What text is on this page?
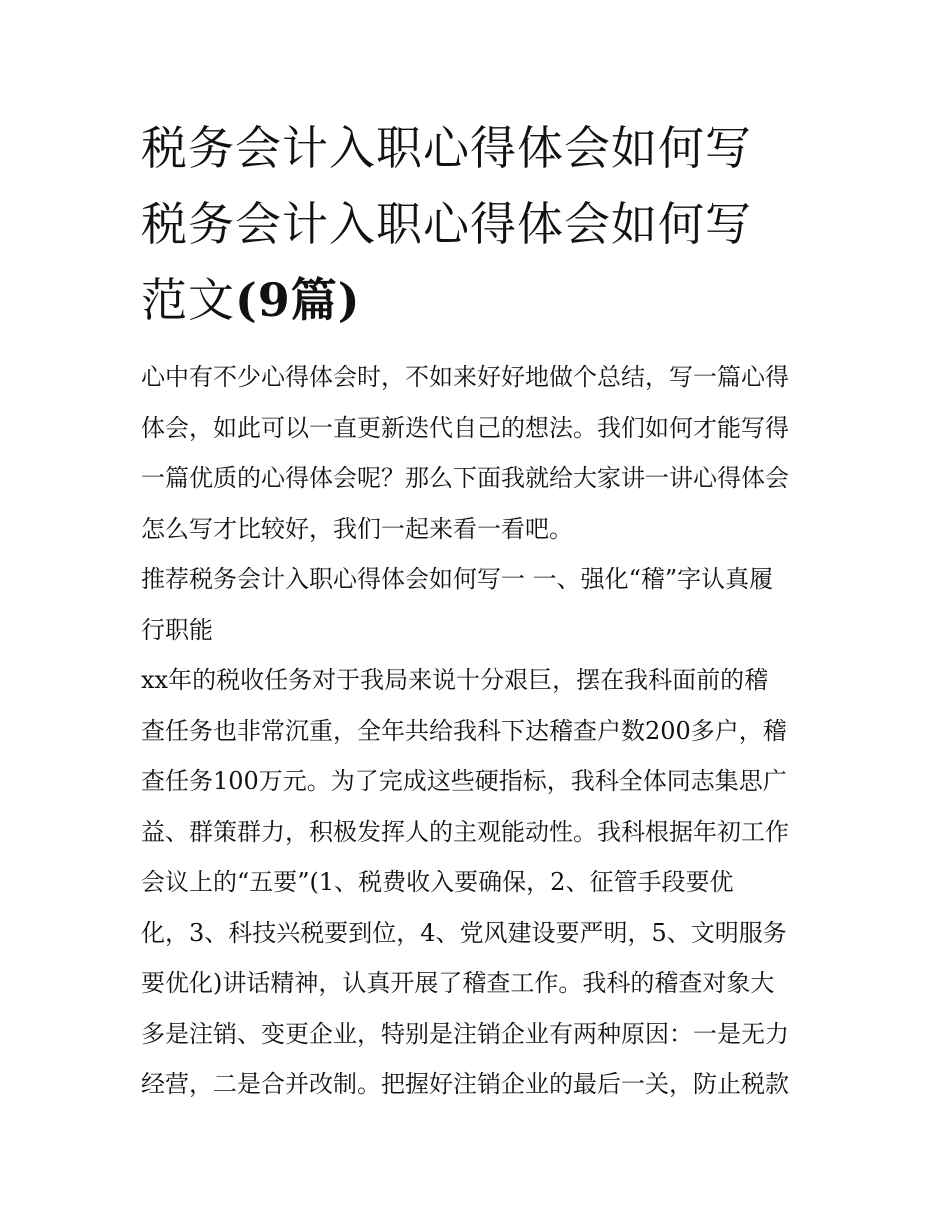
税务会计入职心得体会如何写
税务会计入职心得体会如何写
范文(9篇)

心中有不少心得体会时，不如来好好地做个总结，写一篇心得
体会，如此可以一直更新迭代自己的想法。我们如何才能写得
一篇优质的心得体会呢？那么下面我就给大家讲一讲心得体会
怎么写才比较好，我们一起来看一看吧。

推荐税务会计入职心得体会如何写一 一、强化“稽”字认真履
行职能

xx年的税收任务对于我局来说十分艰巨，摆在我科面前的稽
查任务也非常沉重，全年共给我科下达稽查户数200多户，稽
查任务100万元。为了完成这些硬指标，我科全体同志集思广
益、群策群力，积极发挥人的主观能动性。我科根据年初工作
会议上的“五要”(1、税费收入要确保，2、征管手段要优
化，3、科技兴税要到位，4、党风建设要严明，5、文明服务
要优化)讲话精神，认真开展了稽查工作。我科的稽查对象大
多是注销、变更企业，特别是注销企业有两种原因：一是无力
经营，二是合并改制。把握好注销企业的最后一关，防止税款
